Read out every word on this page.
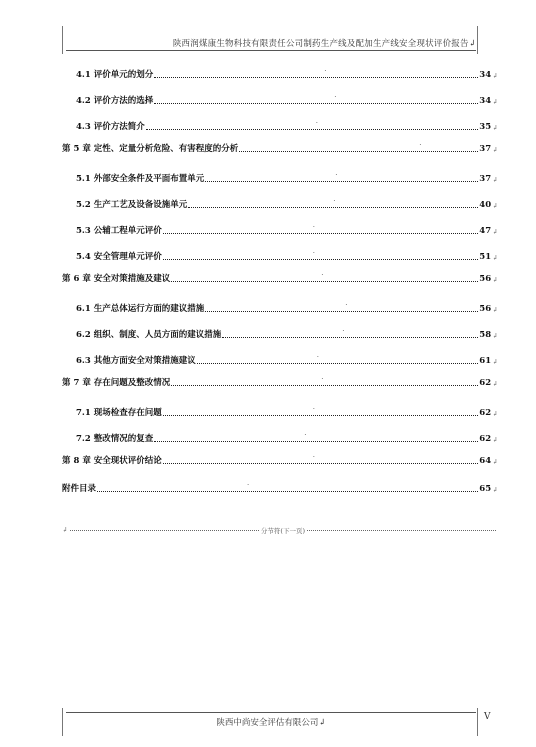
陕西润煤康生物科技有限责任公司制药生产线及配加生产线安全现状评价报告↲
4.1 评价单元的划分	·	34 ↲
4.2 评价方法的选择	·	34 ↲
4.3 评价方法简介	·	35 ↲
第 5 章 定性、定量分析危险、有害程度的分析	·	37 ↲
5.1 外部安全条件及平面布置单元	·	37 ↲
5.2 生产工艺及设备设施单元	·	40 ↲
5.3 公辅工程单元评价	·	47 ↲
5.4 安全管理单元评价	·	51 ↲
第 6 章 安全对策措施及建议	·	56 ↲
6.1 生产总体运行方面的建议措施	·	56 ↲
6.2 组织、制度、人员方面的建议措施	·	58 ↲
6.3 其他方面安全对策措施建议	·	61 ↲
第 7 章 存在问题及整改情况	·	62 ↲
7.1 现场检查存在问题	·	62 ↲
7.2 整改情况的复查	·	62 ↲
第 8 章 安全现状评价结论	·	64 ↲
附件目录	·	65 ↲
↲	分节符(下一页)
陕西中尚安全评估有限公司↲
V
